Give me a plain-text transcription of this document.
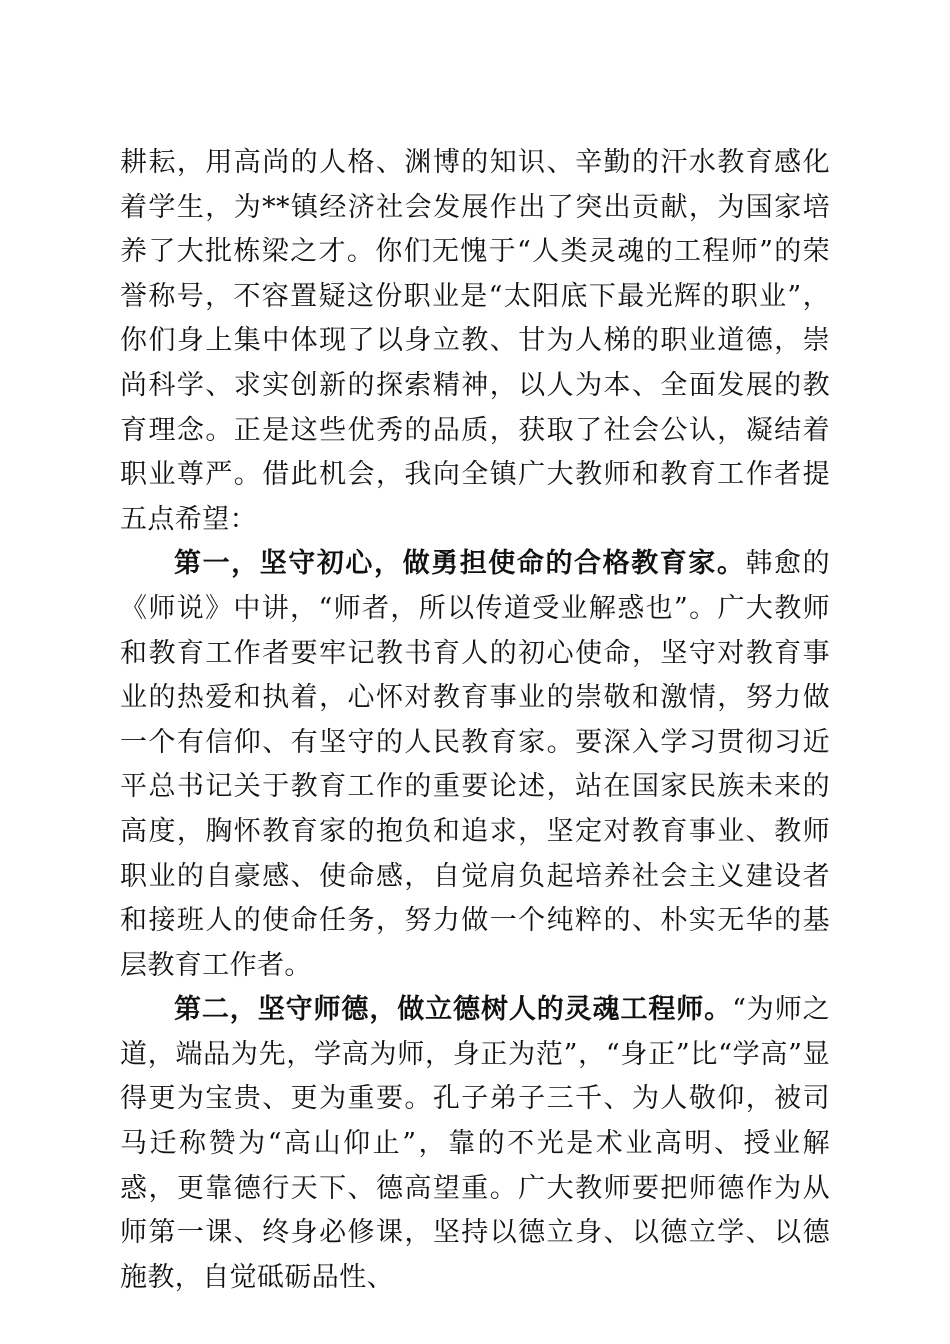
耕耘，用高尚的人格、渊博的知识、辛勤的汗水教育感化着学生，为**镇经济社会发展作出了突出贡献，为国家培养了大批栋梁之才。你们无愧于“人类灵魂的工程师”的荣誉称号，不容置疑这份职业是“太阳底下最光辉的职业”，你们身上集中体现了以身立教、甘为人梯的职业道德，崇尚科学、求实创新的探索精神，以人为本、全面发展的教育理念。正是这些优秀的品质，获取了社会公认，凝结着职业尊严。借此机会，我向全镇广大教师和教育工作者提五点希望：

第一，坚守初心，做勇担使命的合格教育家。韩愈的《师说》中讲，“师者，所以传道受业解惑也”。广大教师和教育工作者要牢记教书育人的初心使命，坚守对教育事业的热爱和执着，心怀对教育事业的崇敬和激情，努力做一个有信仰、有坚守的人民教育家。要深入学习贯彻习近平总书记关于教育工作的重要论述，站在国家民族未来的高度，胸怀教育家的抱负和追求，坚定对教育事业、教师职业的自豪感、使命感，自觉肩负起培养社会主义建设者和接班人的使命任务，努力做一个纯粹的、朴实无华的基层教育工作者。

第二，坚守师德，做立德树人的灵魂工程师。“为师之道，端品为先，学高为师，身正为范”，“身正”比“学高”显得更为宝贵、更为重要。孔子弟子三千、为人敬仰，被司马迁称赞为“高山仰止”，靠的不光是术业高明、授业解惑，更靠德行天下、德高望重。广大教师要把师德作为从师第一课、终身必修课，坚持以德立身、以德立学、以德施教，自觉砥砺品性、
